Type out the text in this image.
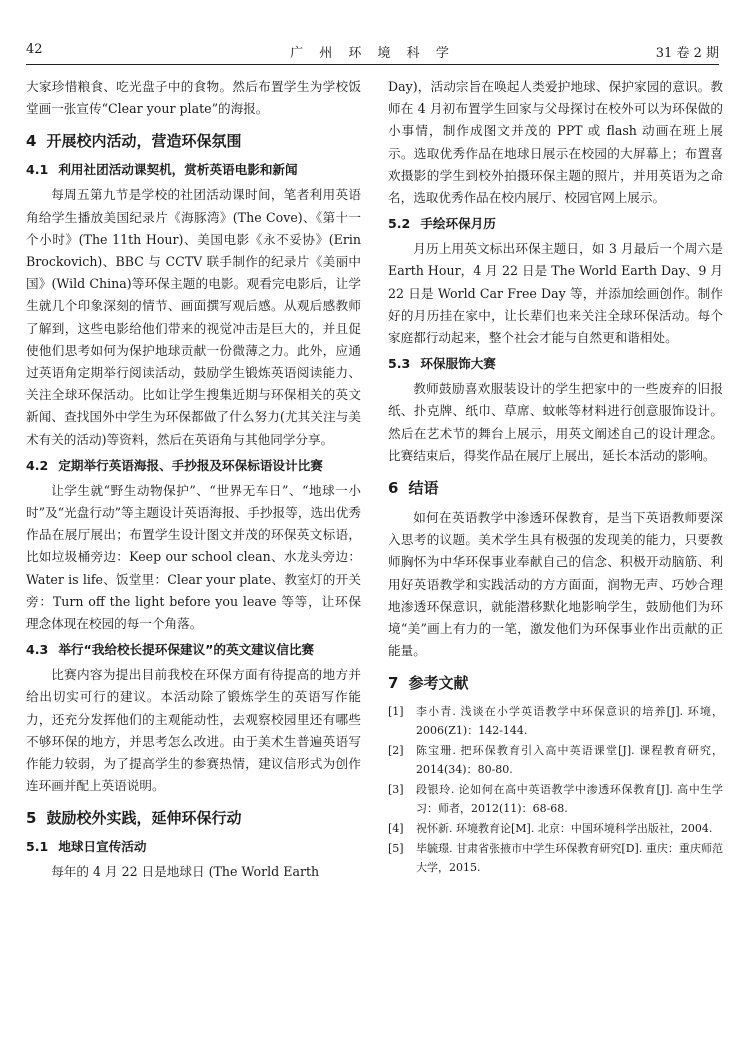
42	广 州 环 境 科 学	31 卷 2 期

大家珍惜粮食、吃光盘子中的食物。然后布置学生为学校饭堂画一张宣传“Clear your plate”的海报。

4 开展校内活动，营造环保氛围
4.1 利用社团活动课契机，赏析英语电影和新闻

每周五第九节是学校的社团活动课时间，笔者利用英语角给学生播放美国纪录片《海豚湾》(The Cove)、《第十一个小时》(The 11th Hour)、美国电影《永不妥协》(Erin Brockovich)、BBC 与 CCTV 联手制作的纪录片《美丽中国》(Wild China)等环保主题的电影。观看完电影后，让学生就几个印象深刻的情节、画面撰写观后感。从观后感教师了解到，这些电影给他们带来的视觉冲击是巨大的，并且促使他们思考如何为保护地球贡献一份微薄之力。此外，应通过英语角定期举行阅读活动，鼓励学生锻炼英语阅读能力、关注全球环保活动。比如让学生搜集近期与环保相关的英文新闻、查找国外中学生为环保都做了什么努力(尤其关注与美术有关的活动)等资料，然后在英语角与其他同学分享。

4.2 定期举行英语海报、手抄报及环保标语设计比赛

让学生就“野生动物保护”、“世界无车日”、“地球一小时”及“光盘行动”等主题设计英语海报、手抄报等，选出优秀作品在展厅展出；布置学生设计图文并茂的环保英文标语，比如垃圾桶旁边：Keep our school clean、水龙头旁边：Water is life、饭堂里：Clear your plate、教室灯的开关旁：Turn off the light before you leave 等等，让环保理念体现在校园的每一个角落。

4.3 举行“我给校长提环保建议”的英文建议信比赛

比赛内容为提出目前我校在环保方面有待提高的地方并给出切实可行的建议。本活动除了锻炼学生的英语写作能力，还充分发挥他们的主观能动性，去观察校园里还有哪些不够环保的地方，并思考怎么改进。由于美术生普遍英语写作能力较弱，为了提高学生的参赛热情，建议信形式为创作连环画并配上英语说明。

5 鼓励校外实践，延伸环保行动
5.1 地球日宣传活动

每年的 4 月 22 日是地球日 (The World Earth

Day)，活动宗旨在唤起人类爱护地球、保护家园的意识。教师在 4 月初布置学生回家与父母探讨在校外可以为环保做的小事情，制作成图文并茂的 PPT 或 flash 动画在班上展示。选取优秀作品在地球日展示在校园的大屏幕上；布置喜欢摄影的学生到校外拍摄环保主题的照片，并用英语为之命名，选取优秀作品在校内展厅、校园官网上展示。

5.2 手绘环保月历

月历上用英文标出环保主题日，如 3 月最后一个周六是 Earth Hour，4 月 22 日是 The World Earth Day、9 月 22 日是 World Car Free Day 等，并添加绘画创作。制作好的月历挂在家中，让长辈们也来关注全球环保活动。每个家庭都行动起来，整个社会才能与自然更和谐相处。

5.3 环保服饰大赛

教师鼓励喜欢服装设计的学生把家中的一些废弃的旧报纸、扑克牌、纸巾、草席、蚊帐等材料进行创意服饰设计。然后在艺术节的舞台上展示，用英文阐述自己的设计理念。比赛结束后，得奖作品在展厅上展出，延长本活动的影响。

6 结语

如何在英语教学中渗透环保教育，是当下英语教师要深入思考的议题。美术学生具有极强的发现美的能力，只要教师胸怀为中华环保事业奉献自己的信念、积极开动脑筋、利用好英语教学和实践活动的方方面面，润物无声、巧妙合理地渗透环保意识，就能潜移默化地影响学生，鼓励他们为环境“美”画上有力的一笔，激发他们为环保事业作出贡献的正能量。

7 参考文献
[1] 李小青. 浅谈在小学英语教学中环保意识的培养[J]. 环境，2006(Z1)：142-144.
[2] 陈宝珊. 把环保教育引入高中英语课堂[J]. 课程教育研究，2014(34)：80-80.
[3] 段银玲. 论如何在高中英语教学中渗透环保教育[J]. 高中生学习：师者，2012(11)：68-68.
[4] 祝怀新. 环境教育论[M]. 北京：中国环境科学出版社，2004.
[5] 毕毓璟. 甘肃省张掖市中学生环保教育研究[D]. 重庆：重庆师范大学，2015.
